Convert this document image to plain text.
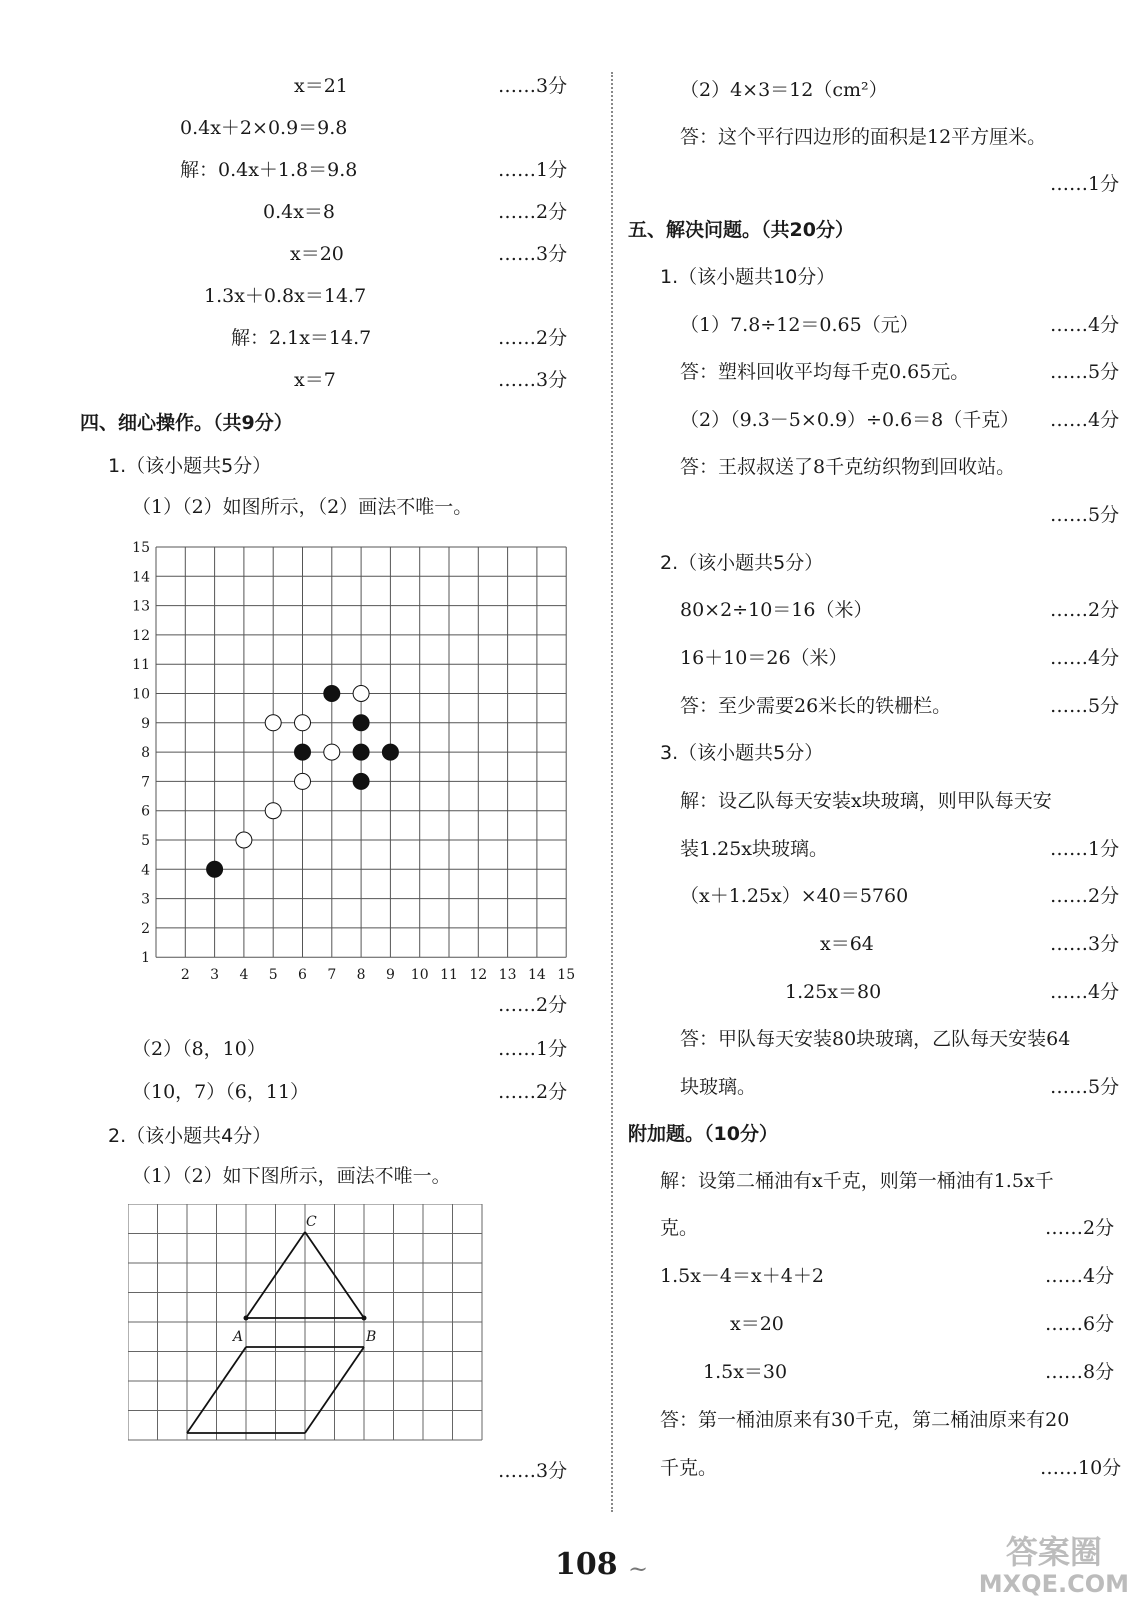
x＝21	……3分
0.4x＋2×0.9＝9.8
解：0.4x＋1.8＝9.8	……1分
0.4x＝8	……2分
x＝20	……3分
1.3x＋0.8x＝14.7
解：2.1x＝14.7	……2分
x＝7	……3分
四、细心操作。（共9分）
1.（该小题共5分）
（1）（2）如图所示，（2）画法不唯一。
15
14
13
12
11
10
9
8
7
6
5
4
3
2
1
2 3 4 5 6 7 8 9 10 11 12 13 14 15
……2分
（2）（8，10）	……1分
（10，7）（6，11）	……2分
2.（该小题共4分）
（1）（2）如下图所示，画法不唯一。
A	B
C
……3分
（2）4×3＝12（cm²）
答：这个平行四边形的面积是12平方厘米。
……1分
五、解决问题。（共20分）
1.（该小题共10分）
（1）7.8÷12＝0.65（元）	……4分
答：塑料回收平均每千克0.65元。	……5分
（2）（9.3－5×0.9）÷0.6＝8（千克） ……4分
答：王叔叔送了8千克纺织物到回收站。
……5分
2.（该小题共5分）
80×2÷10＝16（米）	……2分
16＋10＝26（米）	……4分
答：至少需要26米长的铁栅栏。	……5分
3.（该小题共5分）
解：设乙队每天安装x块玻璃，则甲队每天安
装1.25x块玻璃。	……1分
（x＋1.25x）×40＝5760	……2分
x＝64	……3分
1.25x＝80	……4分
答：甲队每天安装80块玻璃，乙队每天安装64
块玻璃。	……5分
附加题。（10分）
解：设第二桶油有x千克，则第一桶油有1.5x千
克。	……2分
1.5x－4＝x＋4＋2	……4分
x＝20	……6分
1.5x＝30	……8分
答：第一桶油原来有30千克，第二桶油原来有20
千克。	……10分
108 ~	答案圈
MXQE.COM
